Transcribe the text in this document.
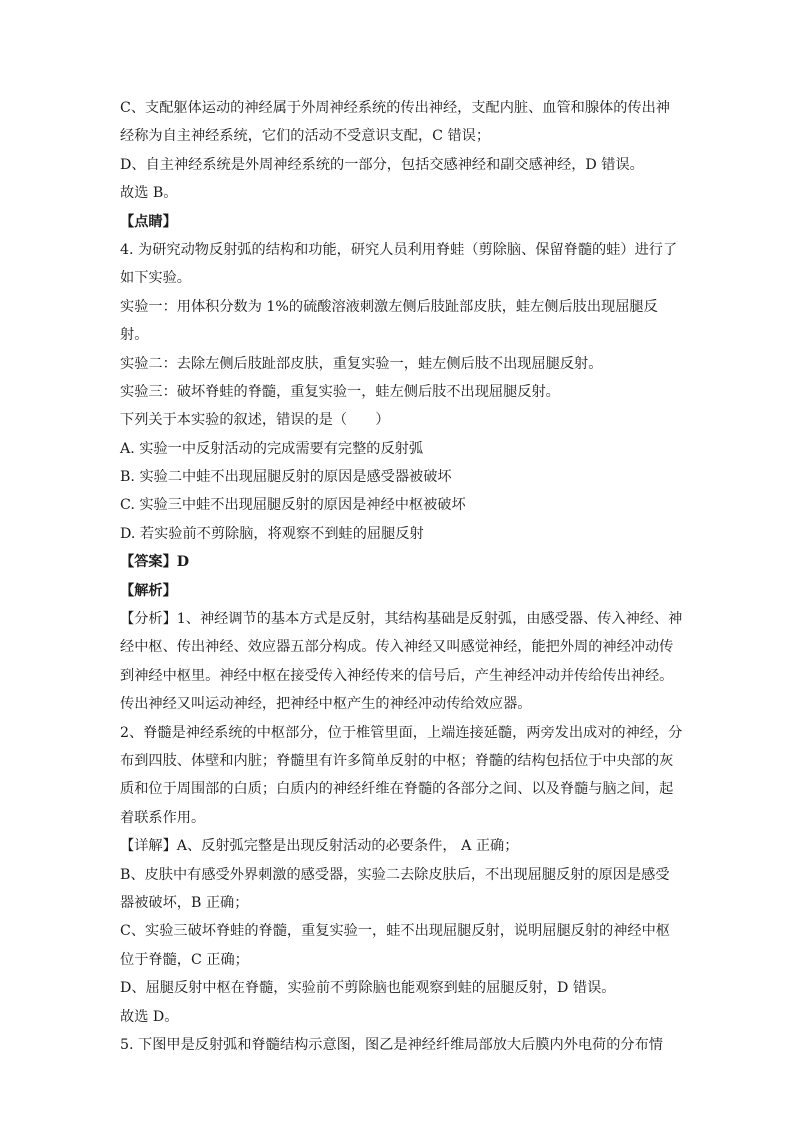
C、支配躯体运动的神经属于外周神经系统的传出神经，支配内脏、血管和腺体的传出神
经称为自主神经系统，它们的活动不受意识支配，C 错误；
D、自主神经系统是外周神经系统的一部分，包括交感神经和副交感神经，D 错误。
故选 B。
【点睛】
4. 为研究动物反射弧的结构和功能，研究人员利用脊蛙（剪除脑、保留脊髓的蛙）进行了
如下实验。
实验一：用体积分数为 1%的硫酸溶液刺激左侧后肢趾部皮肤，蛙左侧后肢出现屈腿反
射。
实验二：去除左侧后肢趾部皮肤，重复实验一，蛙左侧后肢不出现屈腿反射。
实验三：破坏脊蛙的脊髓，重复实验一，蛙左侧后肢不出现屈腿反射。
下列关于本实验的叙述，错误的是（　　）
A. 实验一中反射活动的完成需要有完整的反射弧
B. 实验二中蛙不出现屈腿反射的原因是感受器被破坏
C. 实验三中蛙不出现屈腿反射的原因是神经中枢被破坏
D. 若实验前不剪除脑，将观察不到蛙的屈腿反射
【答案】D
【解析】
【分析】1、神经调节的基本方式是反射，其结构基础是反射弧，由感受器、传入神经、神
经中枢、传出神经、效应器五部分构成。传入神经又叫感觉神经，能把外周的神经冲动传
到神经中枢里。神经中枢在接受传入神经传来的信号后，产生神经冲动并传给传出神经。
传出神经又叫运动神经，把神经中枢产生的神经冲动传给效应器。
2、脊髓是神经系统的中枢部分，位于椎管里面，上端连接延髓，两旁发出成对的神经，分
布到四肢、体壁和内脏；脊髓里有许多简单反射的中枢；脊髓的结构包括位于中央部的灰
质和位于周围部的白质；白质内的神经纤维在脊髓的各部分之间、以及脊髓与脑之间，起
着联系作用。
【详解】A、反射弧完整是出现反射活动的必要条件， A 正确；
B、皮肤中有感受外界刺激的感受器，实验二去除皮肤后，不出现屈腿反射的原因是感受
器被破坏，B 正确；
C、实验三破坏脊蛙的脊髓，重复实验一，蛙不出现屈腿反射，说明屈腿反射的神经中枢
位于脊髓，C 正确；
D、屈腿反射中枢在脊髓，实验前不剪除脑也能观察到蛙的屈腿反射，D 错误。
故选 D。
5. 下图甲是反射弧和脊髓结构示意图，图乙是神经纤维局部放大后膜内外电荷的分布情
